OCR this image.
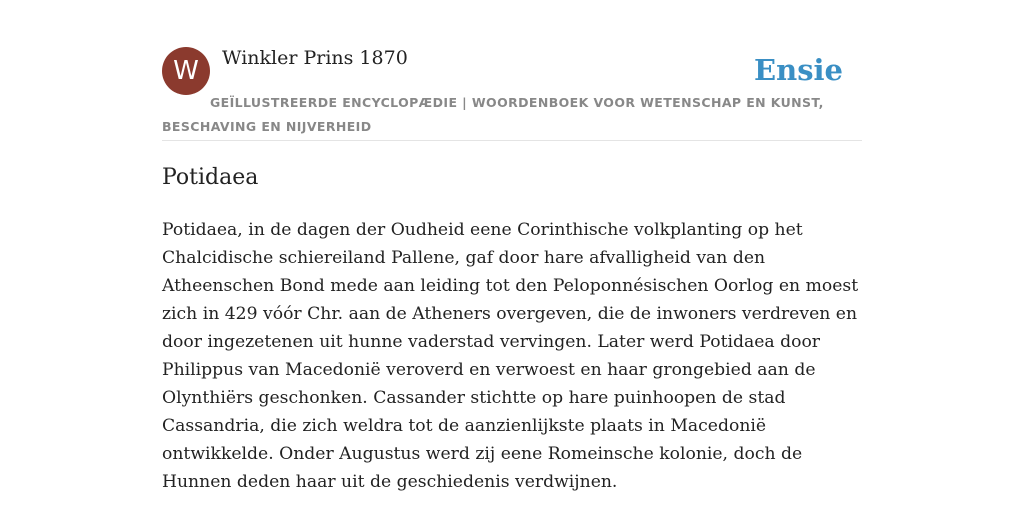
W	Winkler Prins 1870	Ensie
GEÏLLUSTREERDE ENCYCLOPÆDIE | WOORDENBOEK VOOR WETENSCHAP EN KUNST, BESCHAVING EN NIJVERHEID
Potidaea

Potidaea, in de dagen der Oudheid eene Corinthische volkplanting op het Chalcidische schiereiland Pallene, gaf door hare afvalligheid van den Atheenschen Bond mede aan leiding tot den Peloponnésischen Oorlog en moest zich in 429 vóór Chr. aan de Atheners overgeven, die de inwoners verdreven en door ingezetenen uit hunne vaderstad vervingen. Later werd Potidaea door Philippus van Macedonië veroverd en verwoest en haar grongebied aan de Olynthiërs geschonken. Cassander stichtte op hare puinhoopen de stad Cassandria, die zich weldra tot de aanzienlijkste plaats in Macedonië ontwikkelde. Onder Augustus werd zij eene Romeinsche kolonie, doch de Hunnen deden haar uit de geschiedenis verdwijnen.
